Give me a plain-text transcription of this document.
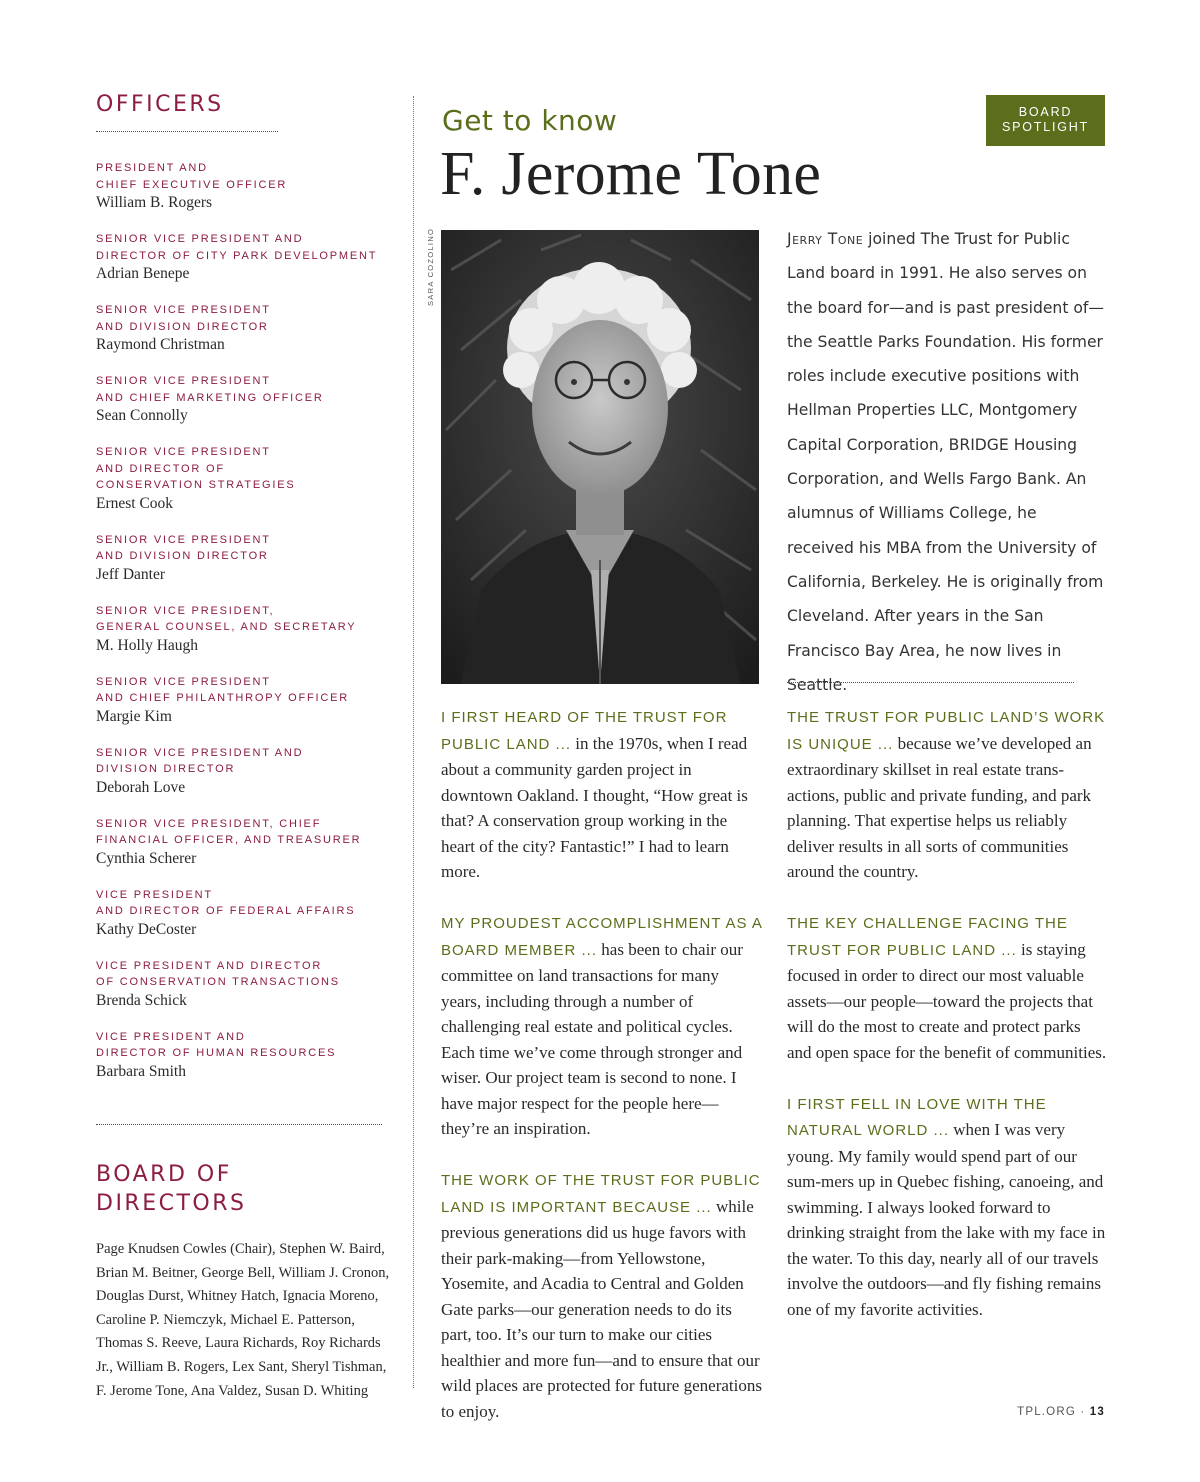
OFFICERS
PRESIDENT AND
CHIEF EXECUTIVE OFFICER
William B. Rogers
SENIOR VICE PRESIDENT AND
DIRECTOR OF CITY PARK DEVELOPMENT
Adrian Benepe
SENIOR VICE PRESIDENT
AND DIVISION DIRECTOR
Raymond Christman
SENIOR VICE PRESIDENT
AND CHIEF MARKETING OFFICER
Sean Connolly
SENIOR VICE PRESIDENT
AND DIRECTOR OF
CONSERVATION STRATEGIES
Ernest Cook
SENIOR VICE PRESIDENT
AND DIVISION DIRECTOR
Jeff Danter
SENIOR VICE PRESIDENT,
GENERAL COUNSEL, AND SECRETARY
M. Holly Haugh
SENIOR VICE PRESIDENT
AND CHIEF PHILANTHROPY OFFICER
Margie Kim
SENIOR VICE PRESIDENT AND
DIVISION DIRECTOR
Deborah Love
SENIOR VICE PRESIDENT, CHIEF
FINANCIAL OFFICER, AND TREASURER
Cynthia Scherer
VICE PRESIDENT
AND DIRECTOR OF FEDERAL AFFAIRS
Kathy DeCoster
VICE PRESIDENT AND DIRECTOR
OF CONSERVATION TRANSACTIONS
Brenda Schick
VICE PRESIDENT AND
DIRECTOR OF HUMAN RESOURCES
Barbara Smith
BOARD OF
DIRECTORS

Page Knudsen Cowles (Chair), Stephen W. Baird, Brian M. Beitner, George Bell, William J. Cronon, Douglas Durst, Whitney Hatch, Ignacia Moreno, Caroline P. Niemczyk, Michael E. Patterson, Thomas S. Reeve, Laura Richards, Roy Richards Jr., William B. Rogers, Lex Sant, Sheryl Tishman, F. Jerome Tone, Ana Valdez, Susan D. Whiting

Get to know
F. Jerome Tone
BOARD
SPOTLIGHT
SARA COZOLINO	Jerry Tone joined The Trust for Public Land board in 1991. He also serves on the board for—and is past president of—the Seattle Parks Foundation. His former roles include executive positions with Hellman Properties LLC, Montgomery Capital Corporation, BRIDGE Housing Corporation, and Wells Fargo Bank. An alumnus of Williams College, he received his MBA from the University of California, Berkeley. He is originally from Cleveland. After years in the San Francisco Bay Area, he now lives in Seattle.

I FIRST HEARD OF THE TRUST FOR PUBLIC LAND ... in the 1970s, when I read about a community garden project in downtown Oakland. I thought, “How great is that? A conservation group working in the heart of the city? Fantastic!” I had to learn more.

MY PROUDEST ACCOMPLISHMENT AS A BOARD MEMBER ... has been to chair our committee on land transactions for many years, including through a number of challenging real estate and political cycles. Each time we’ve come through stronger and wiser. Our project team is second to none. I have major respect for the people here—they’re an inspiration.

THE WORK OF THE TRUST FOR PUBLIC LAND IS IMPORTANT BECAUSE ... while previous generations did us huge favors with their park-making—from Yellowstone, Yosemite, and Acadia to Central and Golden Gate parks—our generation needs to do its part, too. It’s our turn to make our cities healthier and more fun—and to ensure that our wild places are protected for future generations to enjoy.

THE TRUST FOR PUBLIC LAND’S WORK IS UNIQUE ... because we’ve developed an extraordinary skillset in real estate trans-actions, public and private funding, and park planning. That expertise helps us reliably deliver results in all sorts of communities around the country.

THE KEY CHALLENGE FACING THE TRUST FOR PUBLIC LAND ... is staying focused in order to direct our most valuable assets—our people—toward the projects that will do the most to create and protect parks and open space for the benefit of communities.

I FIRST FELL IN LOVE WITH THE NATURAL WORLD ... when I was very young. My family would spend part of our sum-mers up in Quebec fishing, canoeing, and swimming. I always looked forward to drinking straight from the lake with my face in the water. To this day, nearly all of our travels involve the outdoors—and fly fishing remains one of my favorite activities.

TPL.ORG · 13
